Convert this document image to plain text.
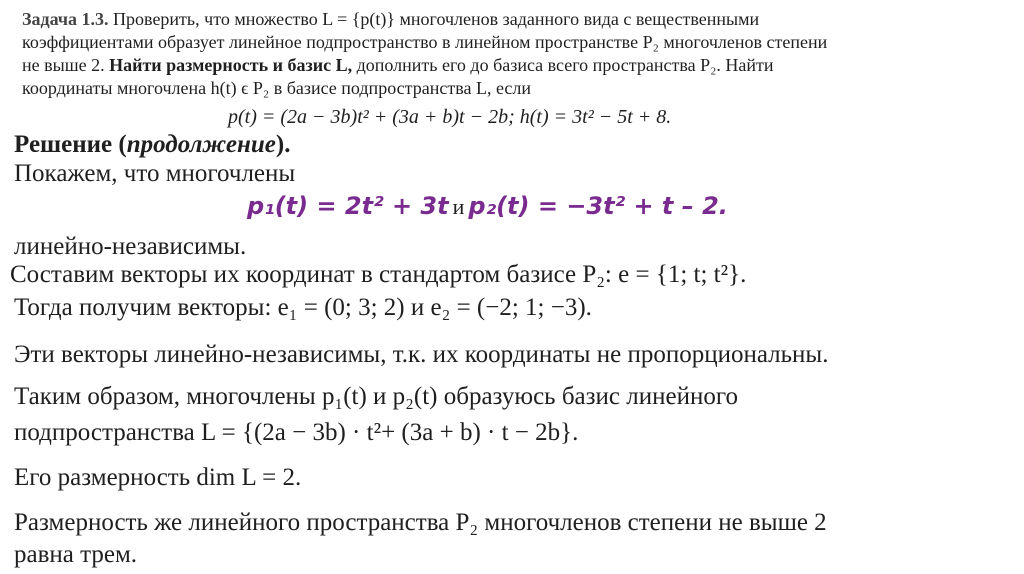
Задача 1.3. Проверить, что множество L = {p(t)} многочленов заданного вида с вещественными
коэффициентами образует линейное подпространство в линейном пространстве P₂ многочленов степени
не выше 2. Найти размерность и базис L, дополнить его до базиса всего пространства P₂. Найти
координаты многочлена h(t) ϵ P₂ в базисе подпространства L, если
p(t) = (2a − 3b)t² + (3a + b)t − 2b; h(t) = 3t² − 5t + 8.
Решение (продолжение).
Покажем, что многочлены
p₁(t) = 2t² + 3t и p₂(t) = −3t² + t – 2.
линейно-независимы.
Составим векторы их координат в стандартом базисе P₂: e = {1; t; t²}.
Тогда получим векторы: e₁ = (0; 3; 2) и e₂ = (−2; 1; −3).
Эти векторы линейно-независимы, т.к. их координаты не пропорциональны.
Таким образом, многочлены p₁(t) и p₂(t) образуюсь базис линейного
подпространства L = {(2a − 3b) · t²+ (3a + b) · t − 2b}.
Его размерность dim L = 2.
Размерность же линейного пространства P₂ многочленов степени не выше 2
равна трем.
